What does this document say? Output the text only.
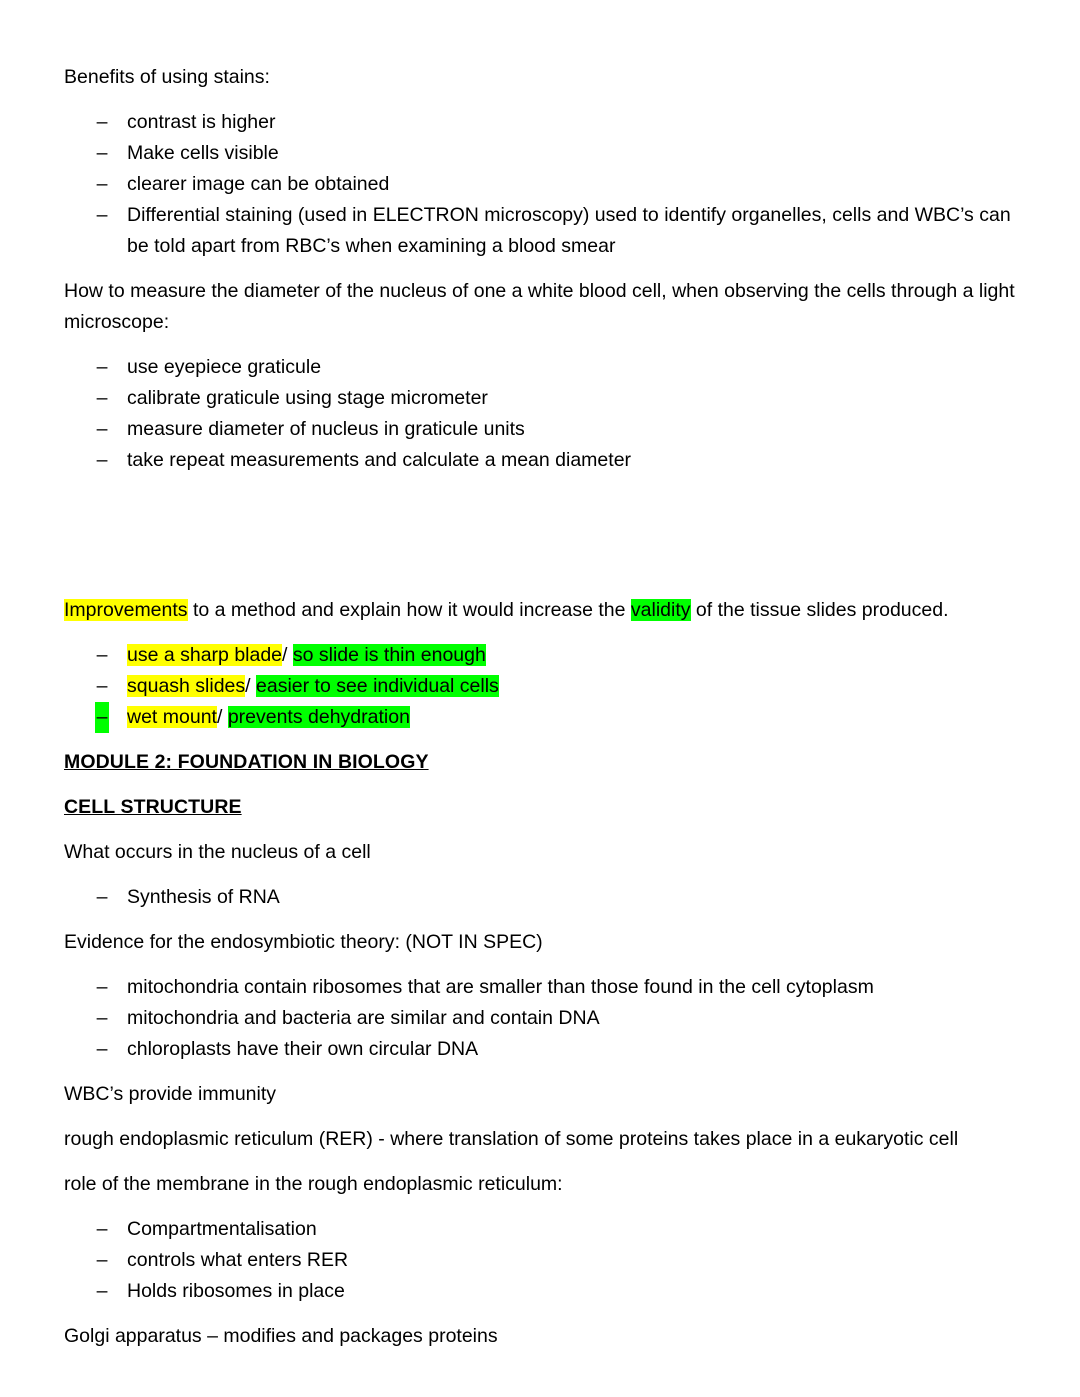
Benefits of using stains:

– contrast is higher
– Make cells visible
– clearer image can be obtained
– Differential staining (used in ELECTRON microscopy) used to identify organelles, cells and WBC’s can be told apart from RBC’s when examining a blood smear

How to measure the diameter of the nucleus of one a white blood cell, when observing the cells through a light microscope:

– use eyepiece graticule
– calibrate graticule using stage micrometer
– measure diameter of nucleus in graticule units
– take repeat measurements and calculate a mean diameter

Improvements to a method and explain how it would increase the validity of the tissue slides produced.

– use a sharp blade/ so slide is thin enough
– squash slides/ easier to see individual cells
– wet mount/ prevents dehydration

MODULE 2: FOUNDATION IN BIOLOGY

CELL STRUCTURE

What occurs in the nucleus of a cell

– Synthesis of RNA

Evidence for the endosymbiotic theory: (NOT IN SPEC)

– mitochondria contain ribosomes that are smaller than those found in the cell cytoplasm
– mitochondria and bacteria are similar and contain DNA
– chloroplasts have their own circular DNA

WBC’s provide immunity

rough endoplasmic reticulum (RER) - where translation of some proteins takes place in a eukaryotic cell

role of the membrane in the rough endoplasmic reticulum:

– Compartmentalisation
– controls what enters RER
– Holds ribosomes in place

Golgi apparatus – modifies and packages proteins
